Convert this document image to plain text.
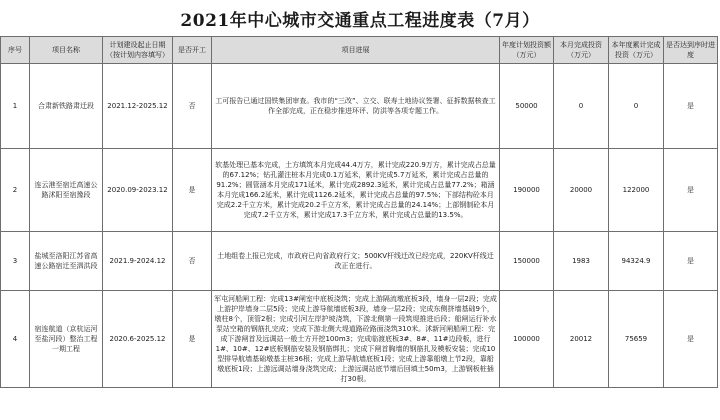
2021年中心城市交通重点工程进度表（7月）
序号	项目名称	计划建设起止日期（按计划内容填写）	是否开工	项目进展	年度计划投资额（万元）	本月完成投资（万元）	本年度累计完成投资（万元）	是否达到序时进度
1	合肃新铁路肃迁段	2021.12-2025.12	否	工可报告已通过国铁集团审查。我市的“三改”、立交、联寿土地协议签署、征拆数据核查工作全部完成，正在稳步推进环评、防洪等各项专题工作。	50000	0	0	是
2	连云港至宿迁高速公路沭阳至宿豫段	2020.09-2023.12	是	软基处理已基本完成，土方填筑本月完成44.4万方，累计完成220.9万方，累计完成占总量的67.12%；钻孔灌注桩本月完成0.1万延米，累计完成5.7万延米，累计完成占总量的91.2%；圆管涵本月完成171延米，累计完成2892.3延米，累计完成占总量77.2%；箱涵本月完成166.2延米，累计完成1126.2延米，累计完成占总量的97.5%；下部结构砼本月完成2.2千立方米，累计完成20.2千立方米，累计完成占总量的24.14%；上部钢制砼本月完成7.2千立方米，累计完成17.3千立方米，累计完成占总量的13.5%。	190000	20000	122000	是
3	盐城至洛阳江苏省高速公路宿迁至泗洪段	2021.9-2024.12	否	土地组卷上报已完成，市政府已向省政府行文；500KV杆线迁改已经完成，220KV杆线迁改正在进行。	150000	1983	94324.9	是
4	宿连航道（京杭运河至盐河段）整治工程一期工程	2020.6-2025.12	是	军屯河船闸工程：完成13#闸室中底板浇筑；完成上游隔流墩底板3段，墙身一层2段；完成上游护岸墙身二层5段；完成上游导航墙底板3段，墙身一层2段；完成东侧挤墙基础9个，墩柱8个，顶管2根；完成引河左岸护坡浇筑，下游北侧第一段筑堤推进后段；船闸运行补水泵站空箱的钢筋扎完成；完成下游北侧大堤道路砼路面浇筑310米。沭新河闸船闸工程：完成下游闸首及远调站一般土方开挖100m3；完成临渡底板3#、8#、11#边段板，进行1#、10#、12#底板钢筋安装及钢筋绑扎；完成下闸首胸墙的钢筋扎及模板安装；完成10型排导航墙基础墩基主桩36根；完成上游导航墙底板1段；完成上游靠船墩上节2段，靠船墩底板1段；上游远调站墙身浇筑完成；上游远调站底节墙后回填土50m3，上游钢板桩插打30根。	100000	20012	75659	是
